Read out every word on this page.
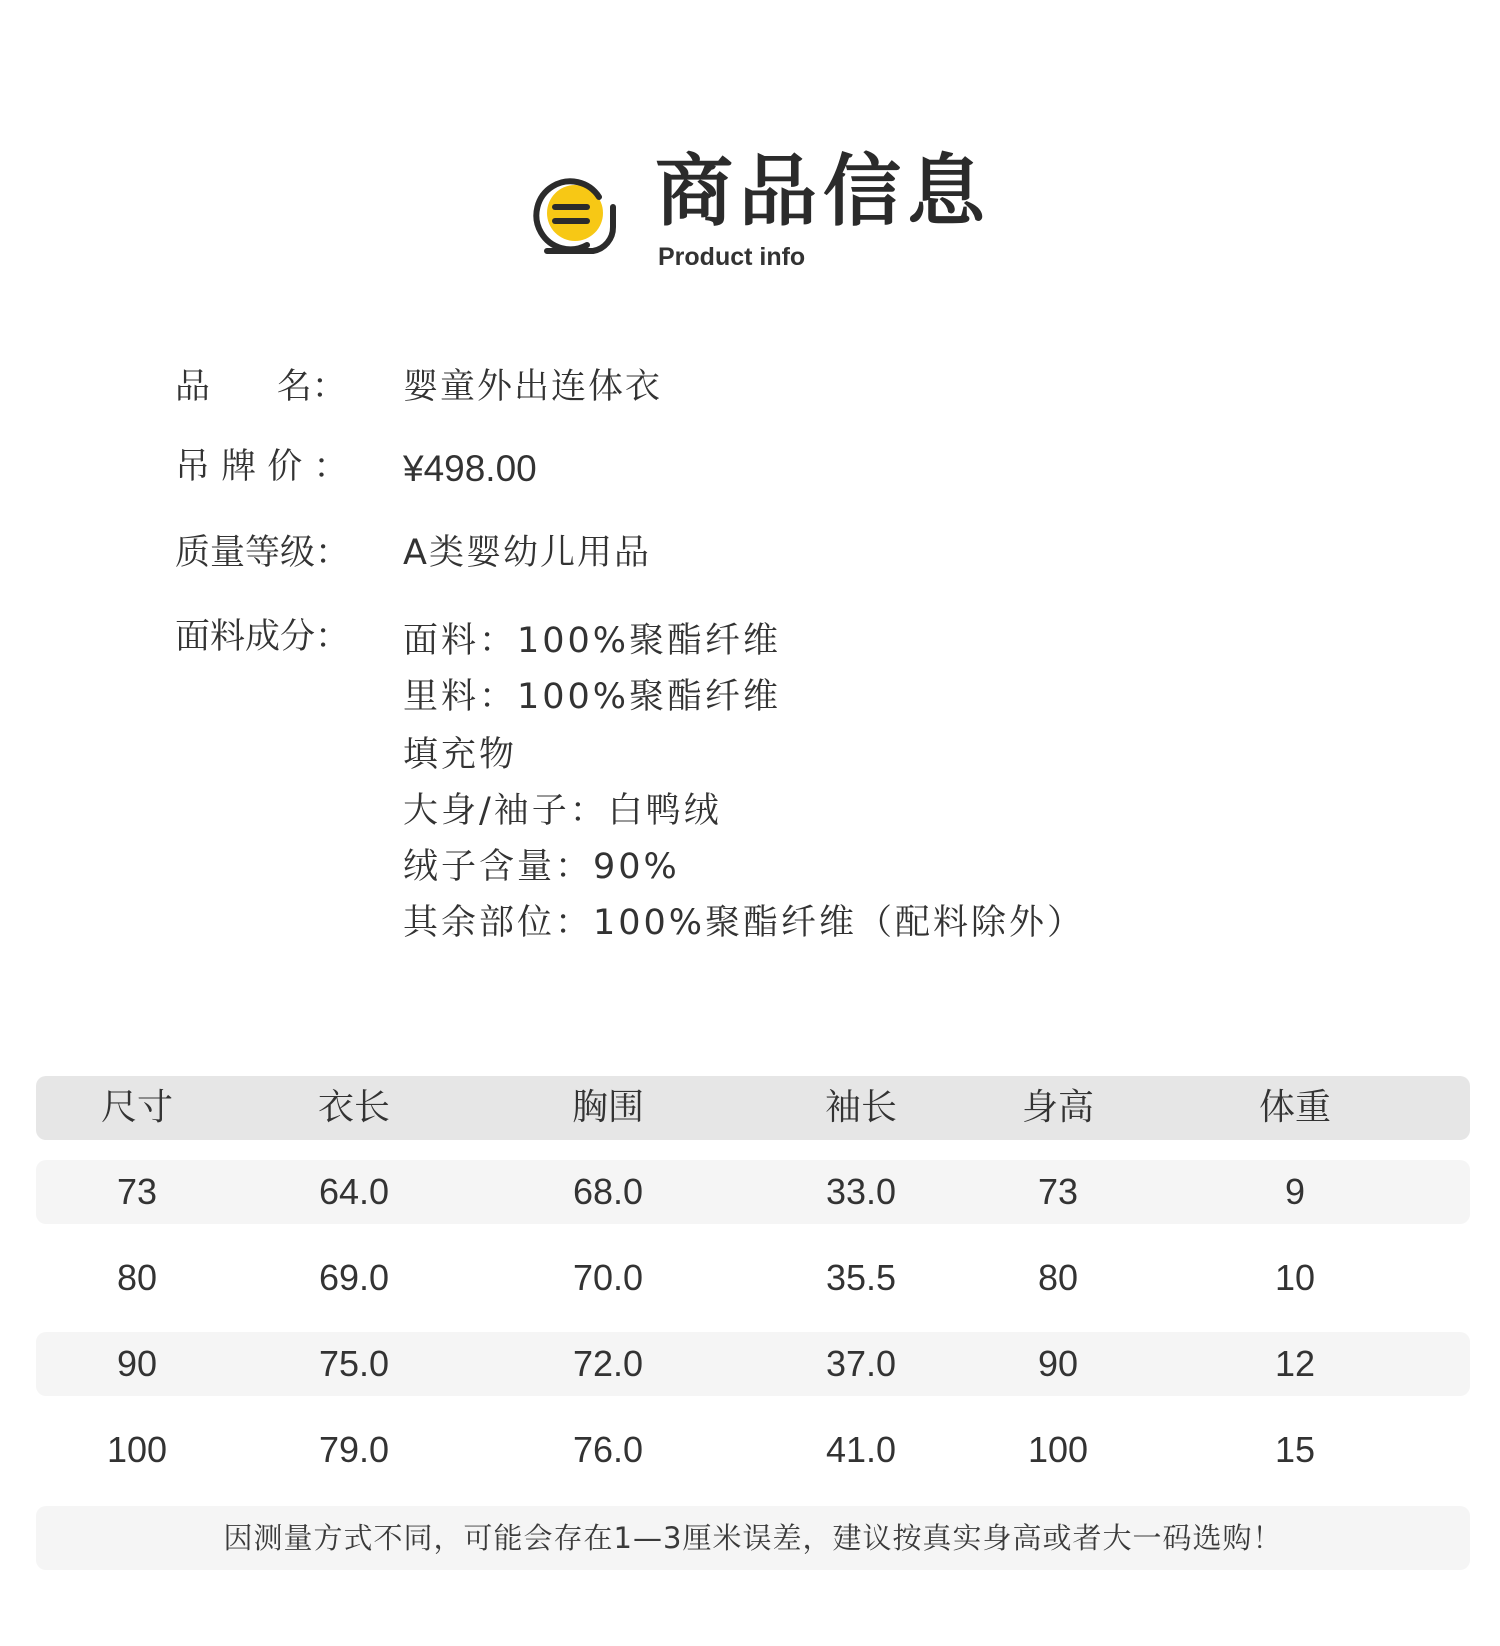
商品信息
Product info
品      名：	婴童外出连体衣
吊 牌 价 ：	¥498.00
质量等级：	A类婴幼儿用品
面料成分：	面料：100%聚酯纤维
里料：100%聚酯纤维
填充物
大身/袖子：白鸭绒
绒子含量：90%
其余部位：100%聚酯纤维（配料除外）
尺寸	衣长	胸围	袖长	身高	体重
73	64.0	68.0	33.0	73	9
80	69.0	70.0	35.5	80	10
90	75.0	72.0	37.0	90	12
100	79.0	76.0	41.0	100	15
因测量方式不同，可能会存在1—3厘米误差，建议按真实身高或者大一码选购！
